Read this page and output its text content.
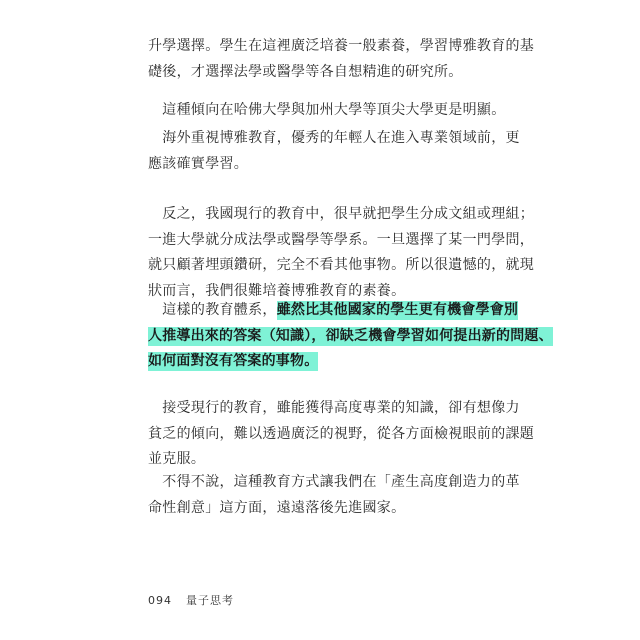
升學選擇。學生在這裡廣泛培養一般素養，學習博雅教育的基
礎後，才選擇法學或醫學等各自想精進的研究所。
　這種傾向在哈佛大學與加州大學等頂尖大學更是明顯。
　海外重視博雅教育，優秀的年輕人在進入專業領域前，更
應該確實學習。
　反之，我國現行的教育中，很早就把學生分成文組或理組；
一進大學就分成法學或醫學等學系。一旦選擇了某一門學問，
就只顧著埋頭鑽研，完全不看其他事物。所以很遺憾的，就現
狀而言，我們很難培養博雅教育的素養。
　這樣的教育體系，雖然比其他國家的學生更有機會學會別
人推導出來的答案（知識），卻缺乏機會學習如何提出新的問題、
如何面對沒有答案的事物。
　接受現行的教育，雖能獲得高度專業的知識，卻有想像力
貧乏的傾向，難以透過廣泛的視野，從各方面檢視眼前的課題
並克服。
　不得不說，這種教育方式讓我們在「產生高度創造力的革
命性創意」這方面，遠遠落後先進國家。
094 量子思考
